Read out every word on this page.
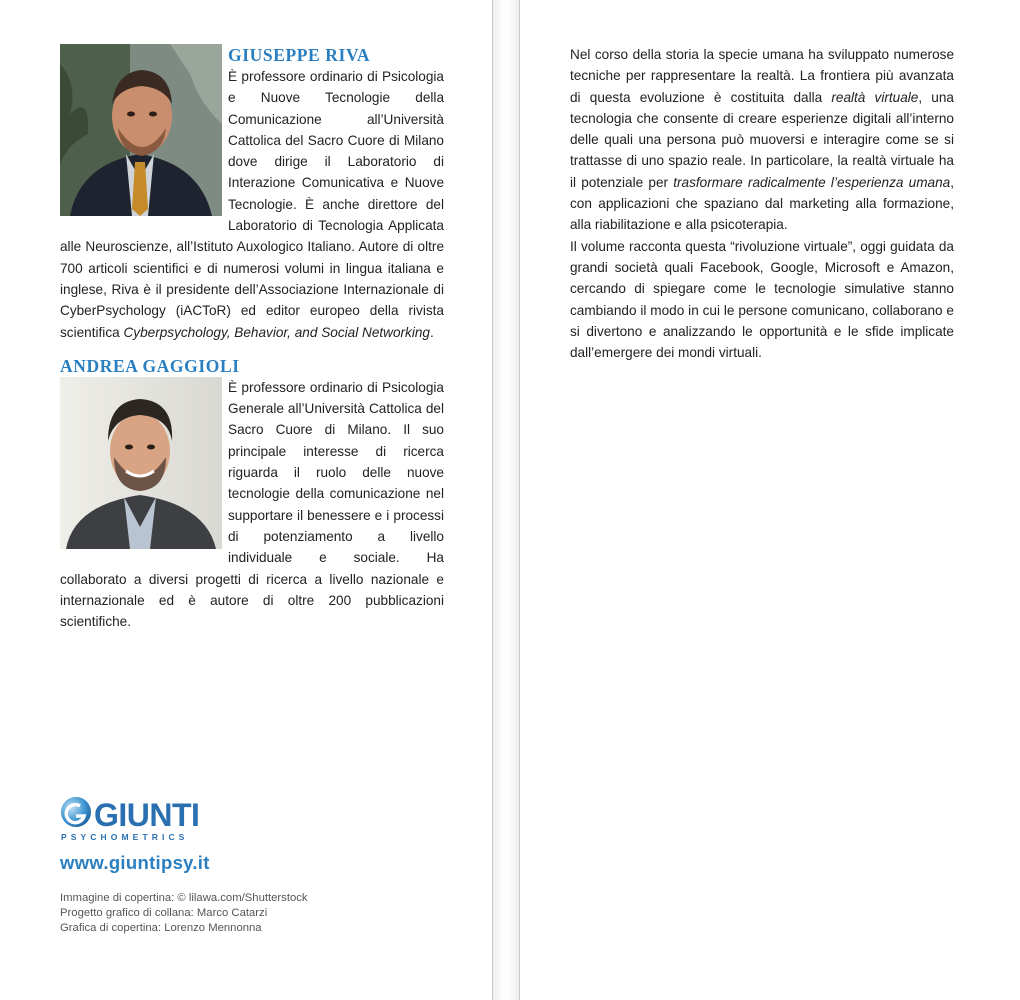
GIUSEPPE RIVA

È professore ordinario di Psicologia e Nuove Tecnologie della Comunicazione all’Università Cattolica del Sacro Cuore di Milano dove dirige il Laboratorio di Interazione Comunicativa e Nuove Tecnologie. È anche direttore del Laboratorio di Tecnologia Applicata alle Neuroscienze, all’Istituto Auxologico Italiano. Autore di oltre 700 articoli scientifici e di numerosi volumi in lingua italiana e inglese, Riva è il presidente dell’Associazione Internazionale di CyberPsychology (iACToR) ed editor europeo della rivista scientifica Cyberpsychology, Behavior, and Social Networking.

ANDREA GAGGIOLI

È professore ordinario di Psicologia Generale all’Università Cattolica del Sacro Cuore di Milano. Il suo principale interesse di ricerca riguarda il ruolo delle nuove tecnologie della comunicazione nel supportare il benessere e i processi di potenziamento a livello individuale e sociale. Ha collaborato a diversi progetti di ricerca a livello nazionale e internazionale ed è autore di oltre 200 pubblicazioni scientifiche.

Nel corso della storia la specie umana ha sviluppato numerose tecniche per rappresentare la realtà. La frontiera più avanzata di questa evoluzione è costituita dalla realtà virtuale, una tecnologia che consente di creare esperienze digitali all’interno delle quali una persona può muoversi e interagire come se si trattasse di uno spazio reale. In particolare, la realtà virtuale ha il potenziale per trasformare radicalmente l’esperienza umana, con applicazioni che spaziano dal marketing alla formazione, alla riabilitazione e alla psicoterapia.

Il volume racconta questa “rivoluzione virtuale”, oggi guidata da grandi società quali Facebook, Google, Microsoft e Amazon, cercando di spiegare come le tecnologie simulative stanno cambiando il modo in cui le persone comunicano, collaborano e si divertono e analizzando le opportunità e le sfide implicate dall’emergere dei mondi virtuali.

GIUNTI
PSYCHOMETRICS

www.giuntipsy.it

Immagine di copertina: © lilawa.com/Shutterstock
Progetto grafico di collana: Marco Catarzi
Grafica di copertina: Lorenzo Mennonna
